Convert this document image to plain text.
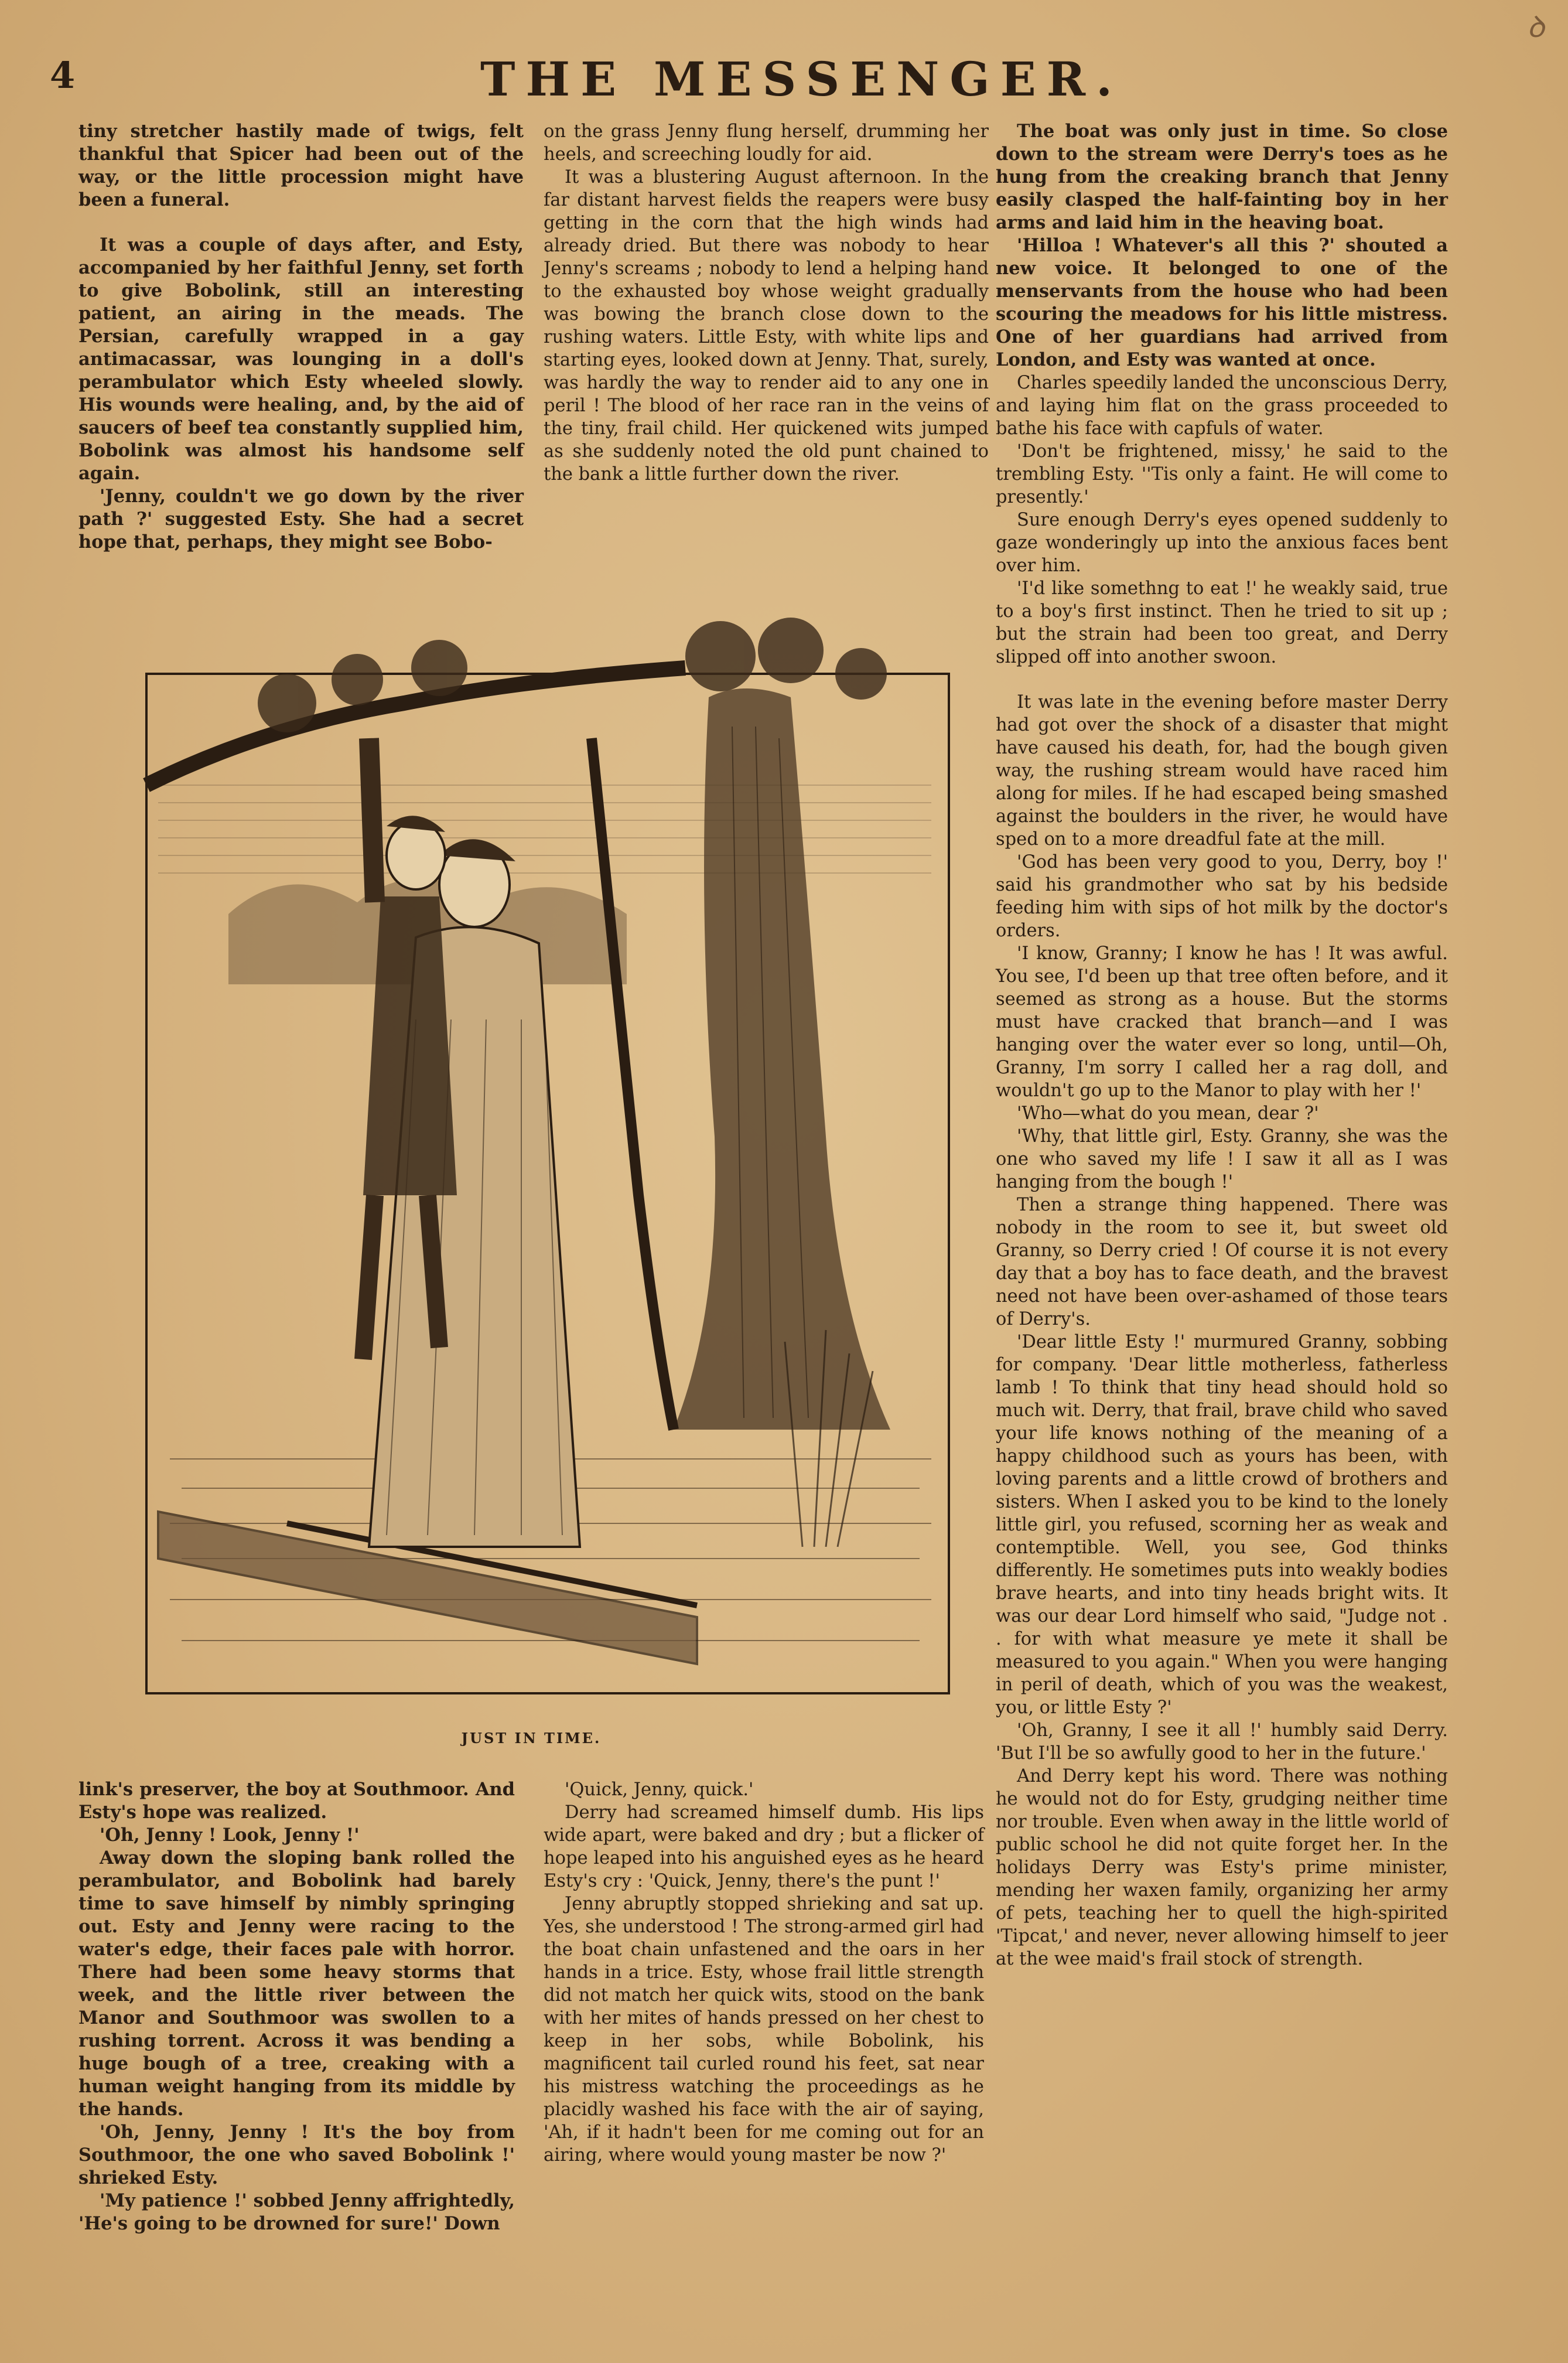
4	THE MESSENGER.
ꝺ

tiny stretcher hastily made of twigs, felt thankful that Spicer had been out of the way, or the little procession might have been a funeral.

It was a couple of days after, and Esty, accompanied by her faithful Jenny, set forth to give Bobolink, still an interesting patient, an airing in the meads. The Persian, carefully wrapped in a gay antimacassar, was lounging in a doll's perambulator which Esty wheeled slowly. His wounds were healing, and, by the aid of saucers of beef tea constantly supplied him, Bobolink was almost his handsome self again.

'Jenny, couldn't we go down by the river path ?' suggested Esty. She had a secret hope that, perhaps, they might see Bobo-

on the grass Jenny flung herself, drumming her heels, and screeching loudly for aid.

It was a blustering August afternoon. In the far distant harvest fields the reapers were busy getting in the corn that the high winds had already dried. But there was nobody to hear Jenny's screams ; nobody to lend a helping hand to the exhausted boy whose weight gradually was bowing the branch close down to the rushing waters. Little Esty, with white lips and starting eyes, looked down at Jenny. That, surely, was hardly the way to render aid to any one in peril ! The blood of her race ran in the veins of the tiny, frail child. Her quickened wits jumped as she suddenly noted the old punt chained to the bank a little further down the river.

The boat was only just in time. So close down to the stream were Derry's toes as he hung from the creaking branch that Jenny easily clasped the half-fainting boy in her arms and laid him in the heaving boat.

'Hilloa ! Whatever's all this ?' shouted a new voice. It belonged to one of the menservants from the house who had been scouring the meadows for his little mistress. One of her guardians had arrived from London, and Esty was wanted at once.

Charles speedily landed the unconscious Derry, and laying him flat on the grass proceeded to bathe his face with capfuls of water.

'Don't be frightened, missy,' he said to the trembling Esty. ''Tis only a faint. He will come to presently.'

Sure enough Derry's eyes opened suddenly to gaze wonderingly up into the anxious faces bent over him.

'I'd like somethng to eat !' he weakly said, true to a boy's first instinct. Then he tried to sit up ; but the strain had been too great, and Derry slipped off into another swoon.

It was late in the evening before master Derry had got over the shock of a disaster that might have caused his death, for, had the bough given way, the rushing stream would have raced him along for miles. If he had escaped being smashed against the boulders in the river, he would have sped on to a more dreadful fate at the mill.

'God has been very good to you, Derry, boy !' said his grandmother who sat by his bedside feeding him with sips of hot milk by the doctor's orders.

'I know, Granny; I know he has ! It was awful. You see, I'd been up that tree often before, and it seemed as strong as a house. But the storms must have cracked that branch—and I was hanging over the water ever so long, until—Oh, Granny, I'm sorry I called her a rag doll, and wouldn't go up to the Manor to play with her !'

'Who—what do you mean, dear ?'

'Why, that little girl, Esty. Granny, she was the one who saved my life ! I saw it all as I was hanging from the bough !'

Then a strange thing happened. There was nobody in the room to see it, but sweet old Granny, so Derry cried ! Of course it is not every day that a boy has to face death, and the bravest need not have been over-ashamed of those tears of Derry's.

'Dear little Esty !' murmured Granny, sobbing for company. 'Dear little motherless, fatherless lamb ! To think that tiny head should hold so much wit. Derry, that frail, brave child who saved your life knows nothing of the meaning of a happy childhood such as yours has been, with loving parents and a little crowd of brothers and sisters. When I asked you to be kind to the lonely little girl, you refused, scorning her as weak and contemptible. Well, you see, God thinks differently. He sometimes puts into weakly bodies brave hearts, and into tiny heads bright wits. It was our dear Lord himself who said, "Judge not . . for with what measure ye mete it shall be measured to you again." When you were hanging in peril of death, which of you was the weakest, you, or little Esty ?'

'Oh, Granny, I see it all !' humbly said Derry. 'But I'll be so awfully good to her in the future.'

And Derry kept his word. There was nothing he would not do for Esty, grudging neither time nor trouble. Even when away in the little world of public school he did not quite forget her. In the holidays Derry was Esty's prime minister, mending her waxen family, organizing her army of pets, teaching her to quell the high-spirited 'Tipcat,' and never, never allowing himself to jeer at the wee maid's frail stock of strength.

JUST IN TIME.

link's preserver, the boy at Southmoor. And Esty's hope was realized.

'Oh, Jenny ! Look, Jenny !'

Away down the sloping bank rolled the perambulator, and Bobolink had barely time to save himself by nimbly springing out. Esty and Jenny were racing to the water's edge, their faces pale with horror. There had been some heavy storms that week, and the little river between the Manor and Southmoor was swollen to a rushing torrent. Across it was bending a huge bough of a tree, creaking with a human weight hanging from its middle by the hands.

'Oh, Jenny, Jenny ! It's the boy from Southmoor, the one who saved Bobolink !' shrieked Esty.

'My patience !' sobbed Jenny affrightedly, 'He's going to be drowned for sure!' Down

'Quick, Jenny, quick.'

Derry had screamed himself dumb. His lips wide apart, were baked and dry ; but a flicker of hope leaped into his anguished eyes as he heard Esty's cry : 'Quick, Jenny, there's the punt !'

Jenny abruptly stopped shrieking and sat up. Yes, she understood ! The strong-armed girl had the boat chain unfastened and the oars in her hands in a trice. Esty, whose frail little strength did not match her quick wits, stood on the bank with her mites of hands pressed on her chest to keep in her sobs, while Bobolink, his magnificent tail curled round his feet, sat near his mistress watching the proceedings as he placidly washed his face with the air of saying, 'Ah, if it hadn't been for me coming out for an airing, where would young master be now ?'
